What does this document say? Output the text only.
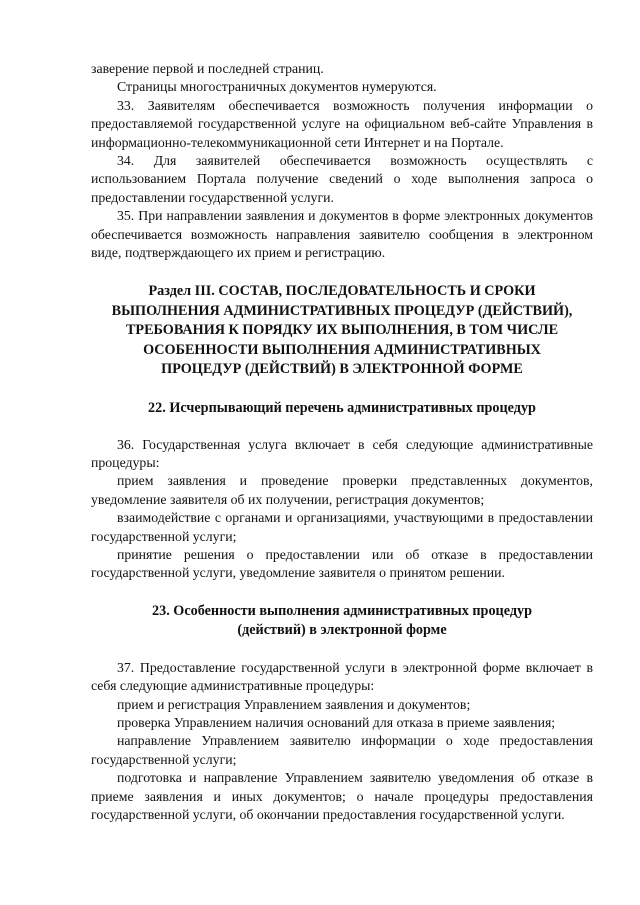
заверение первой и последней страниц.

Страницы многостраничных документов нумеруются.

33. Заявителям обеспечивается возможность получения информации о предоставляемой государственной услуге на официальном веб-сайте Управления в информационно-телекоммуникационной сети Интернет и на Портале.

34. Для заявителей обеспечивается возможность осуществлять с использованием Портала получение сведений о ходе выполнения запроса о предоставлении государственной услуги.

35. При направлении заявления и документов в форме электронных документов обеспечивается возможность направления заявителю сообщения в электронном виде, подтверждающего их прием и регистрацию.

Раздел III. СОСТАВ, ПОСЛЕДОВАТЕЛЬНОСТЬ И СРОКИ
ВЫПОЛНЕНИЯ АДМИНИСТРАТИВНЫХ ПРОЦЕДУР (ДЕЙСТВИЙ),
ТРЕБОВАНИЯ К ПОРЯДКУ ИХ ВЫПОЛНЕНИЯ, В ТОМ ЧИСЛЕ
ОСОБЕННОСТИ ВЫПОЛНЕНИЯ АДМИНИСТРАТИВНЫХ
ПРОЦЕДУР (ДЕЙСТВИЙ) В ЭЛЕКТРОННОЙ ФОРМЕ
22. Исчерпывающий перечень административных процедур

36. Государственная услуга включает в себя следующие административные процедуры:

прием заявления и проведение проверки представленных документов, уведомление заявителя об их получении, регистрация документов;

взаимодействие с органами и организациями, участвующими в предоставлении государственной услуги;

принятие решения о предоставлении или об отказе в предоставлении государственной услуги, уведомление заявителя о принятом решении.

23. Особенности выполнения административных процедур
(действий) в электронной форме

37. Предоставление государственной услуги в электронной форме включает в себя следующие административные процедуры:

прием и регистрация Управлением заявления и документов;

проверка Управлением наличия оснований для отказа в приеме заявления;

направление Управлением заявителю информации о ходе предоставления государственной услуги;

подготовка и направление Управлением заявителю уведомления об отказе в приеме заявления и иных документов; о начале процедуры предоставления государственной услуги, об окончании предоставления государственной услуги.
